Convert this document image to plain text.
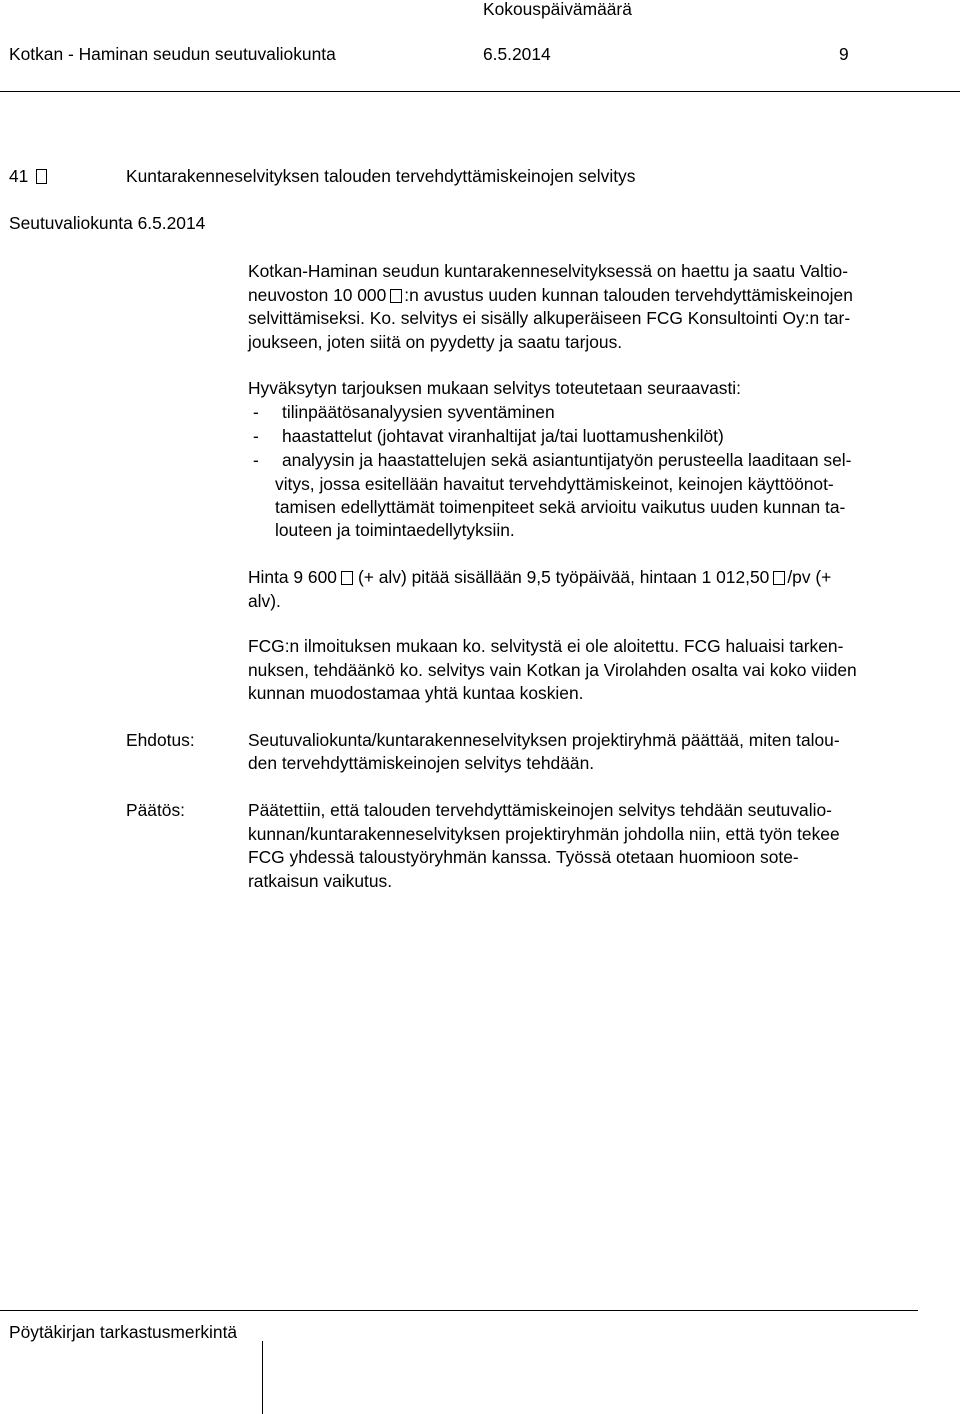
Kokouspäivämäärä
Kotkan - Haminan seudun seutuvaliokunta	6.5.2014	9
41	Kuntarakenneselvityksen talouden tervehdyttämiskeinojen selvitys
Seutuvaliokunta 6.5.2014
Kotkan-Haminan seudun kuntarakenneselvityksessä on haettu ja saatu Valtio-
neuvoston 10 000 :n avustus uuden kunnan talouden tervehdyttämiskeinojen
selvittämiseksi. Ko. selvitys ei sisälly alkuperäiseen FCG Konsultointi Oy:n tar-
joukseen, joten siitä on pyydetty ja saatu tarjous.
Hyväksytyn tarjouksen mukaan selvitys toteutetaan seuraavasti:
- tilinpäätösanalyysien syventäminen
- haastattelut (johtavat viranhaltijat ja/tai luottamushenkilöt)
- analyysin ja haastattelujen sekä asiantuntijatyön perusteella laaditaan sel-
vitys, jossa esitellään havaitut tervehdyttämiskeinot, keinojen käyttöönot-
tamisen edellyttämät toimenpiteet sekä arvioitu vaikutus uuden kunnan ta-
louteen ja toimintaedellytyksiin.
Hinta 9 600 (+ alv) pitää sisällään 9,5 työpäivää, hintaan 1 012,50 /pv (+
alv).
FCG:n ilmoituksen mukaan ko. selvitystä ei ole aloitettu. FCG haluaisi tarken-
nuksen, tehdäänkö ko. selvitys vain Kotkan ja Virolahden osalta vai koko viiden
kunnan muodostamaa yhtä kuntaa koskien.
Ehdotus:	Seutuvaliokunta/kuntarakenneselvityksen projektiryhmä päättää, miten talou-
den tervehdyttämiskeinojen selvitys tehdään.
Päätös:	Päätettiin, että talouden tervehdyttämiskeinojen selvitys tehdään seutuvalio-
kunnan/kuntarakenneselvityksen projektiryhmän johdolla niin, että työn tekee
FCG yhdessä taloustyöryhmän kanssa. Työssä otetaan huomioon sote-
ratkaisun vaikutus.
Pöytäkirjan tarkastusmerkintä
